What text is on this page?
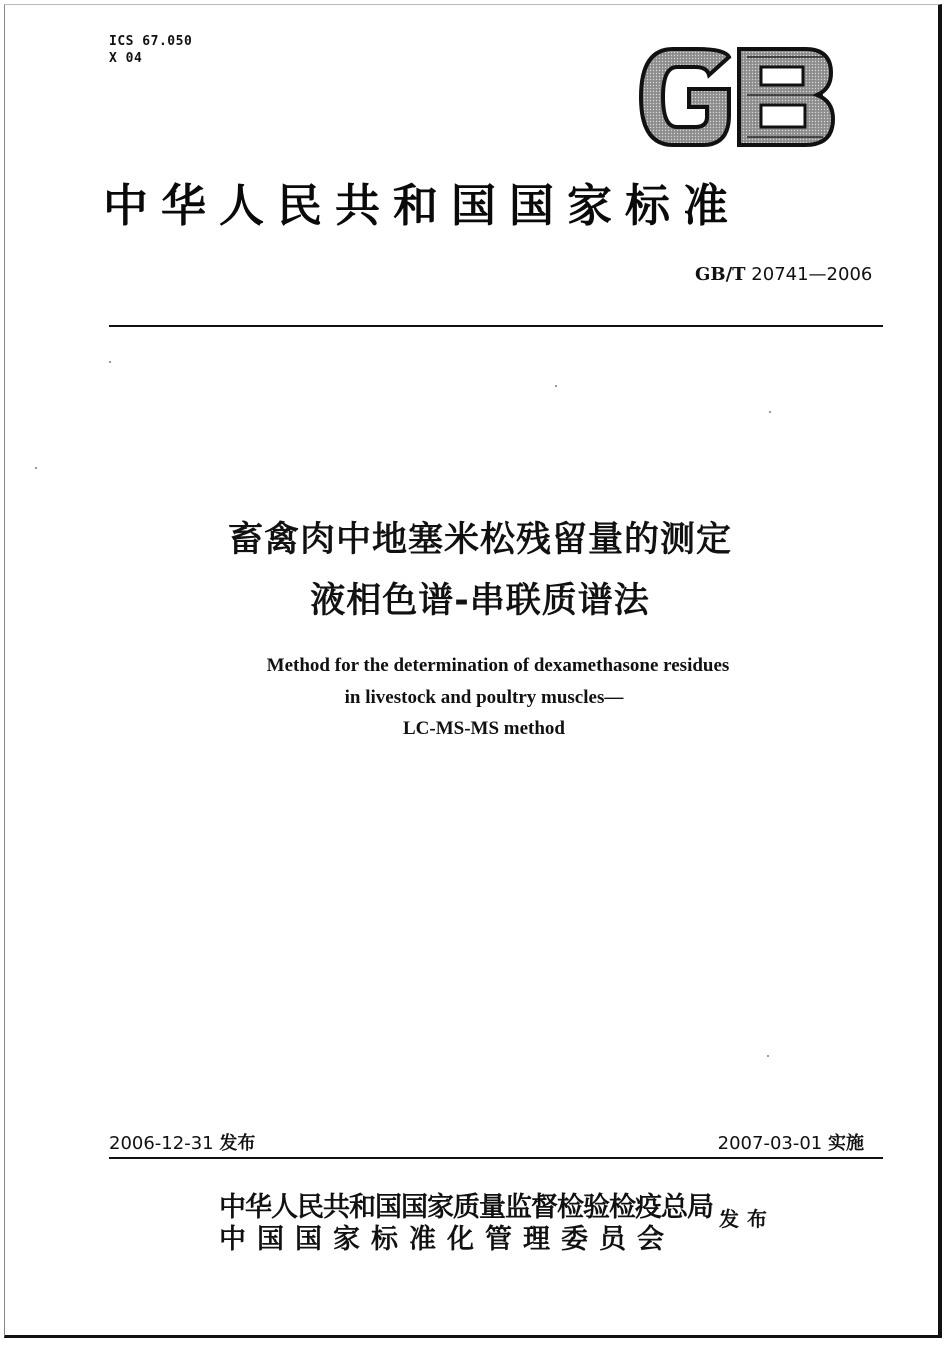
ICS 67.050
X 04
中华人民共和国国家标准
GB/T 20741—2006
畜禽肉中地塞米松残留量的测定
液相色谱-串联质谱法
Method for the determination of dexamethasone residues
in livestock and poultry muscles—
LC-MS-MS method
2006-12-31 发布	2007-03-01 实施
中华人民共和国国家质量监督检验检疫总局
中国国家标准化管理委员会
发布
